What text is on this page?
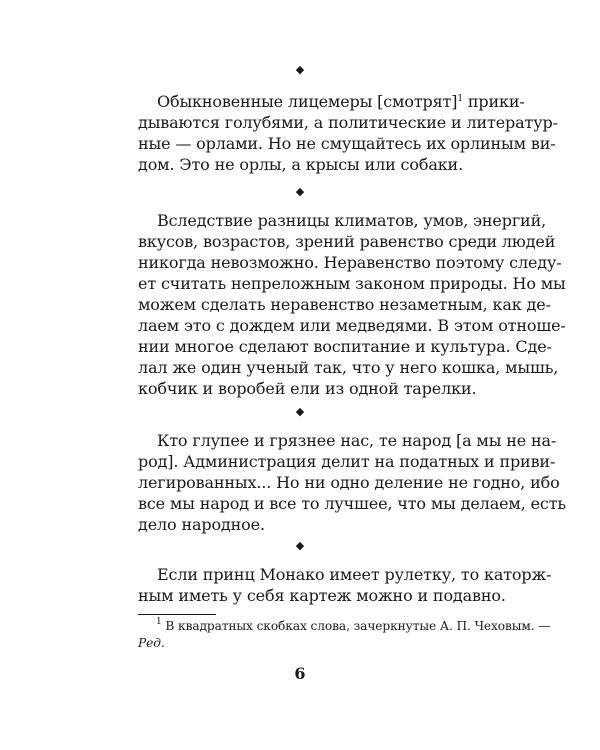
◆
Обыкновенные лицемеры [смотрят]$^1$ прики-
дываются голубями, а политические и литератур-
ные — орлами. Но не смущайтесь их орлиным ви-
дом. Это не орлы, а крысы или собаки.
◆
Вследствие разницы климатов, умов, энергий,
вкусов, возрастов, зрений равенство среди людей
никогда невозможно. Неравенство поэтому следу-
ет считать непреложным законом природы. Но мы
можем сделать неравенство незаметным, как де-
лаем это с дождем или медведями. В этом отноше-
нии многое сделают воспитание и культура. Сде-
лал же один ученый так, что у него кошка, мышь,
кобчик и воробей ели из одной тарелки.
◆
Кто глупее и грязнее нас, те народ [а мы не на-
род]. Администрация делит на податных и приви-
легированных... Но ни одно деление не годно, ибо
все мы народ и все то лучшее, что мы делаем, есть
дело народное.
◆
Если принц Монако имеет рулетку, то каторж-
ным иметь у себя картеж можно и подавно.
$^1$ В квадратных скобках слова, зачеркнутые А. П. Чеховым. —
Ред.
6
